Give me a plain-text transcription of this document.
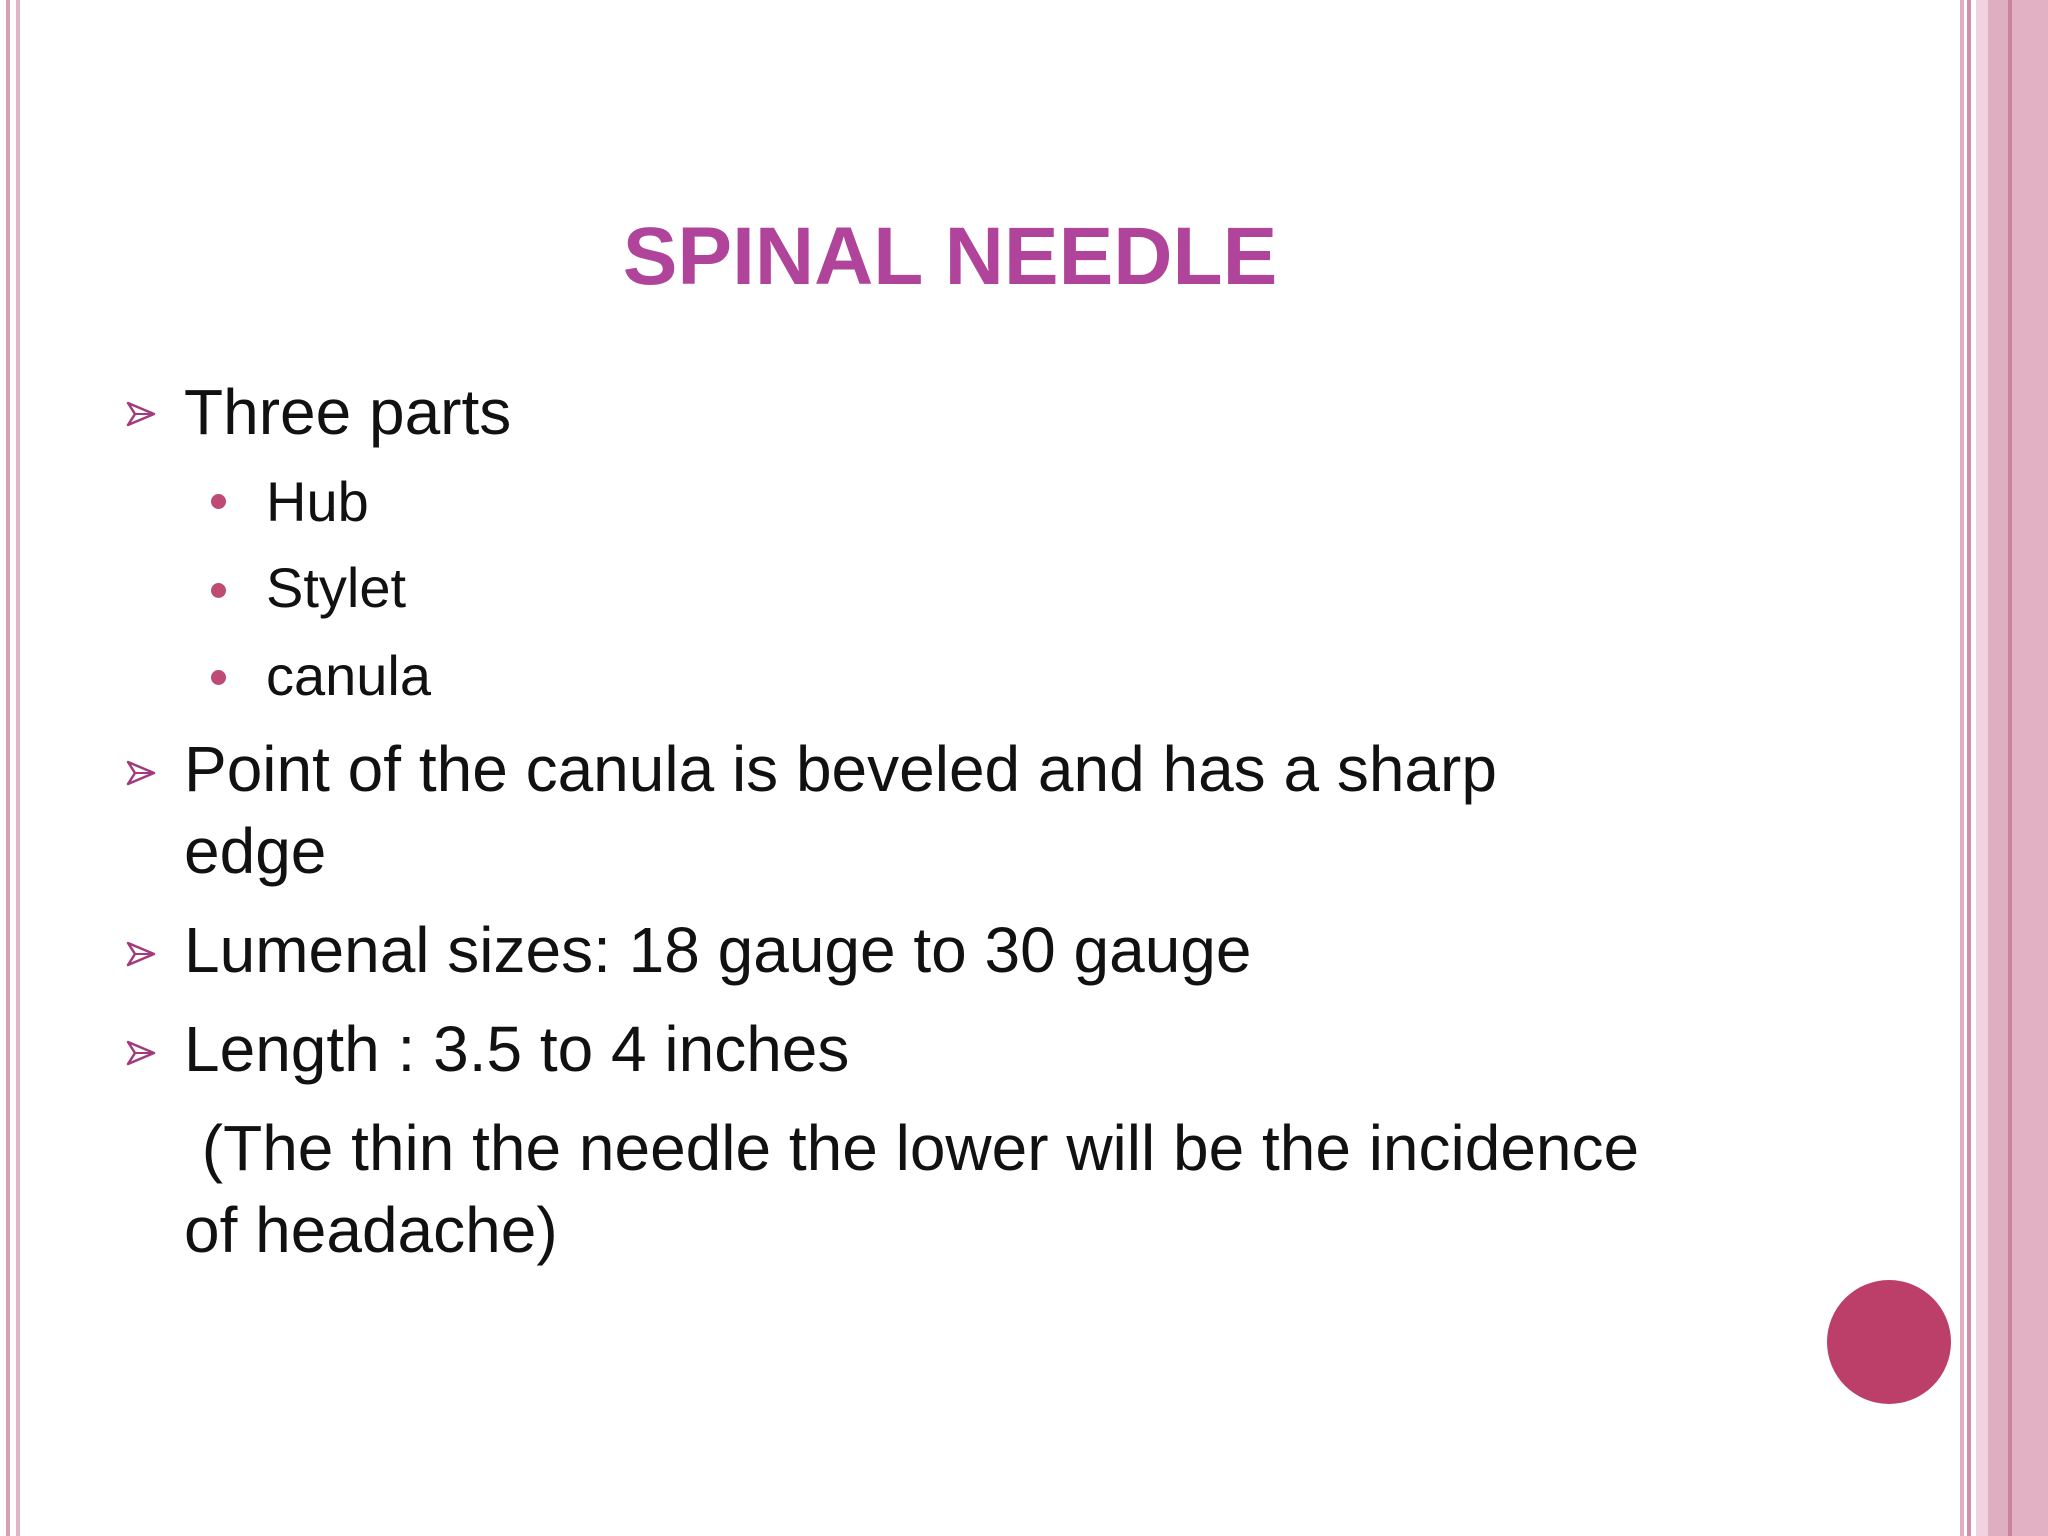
SPINAL NEEDLE
Three parts
Hub
Stylet
canula
Point of the canula is beveled and has a sharp
edge
Lumenal sizes: 18 gauge to 30 gauge
Length : 3.5 to 4 inches
(The thin the needle the lower will be the incidence
of headache)
